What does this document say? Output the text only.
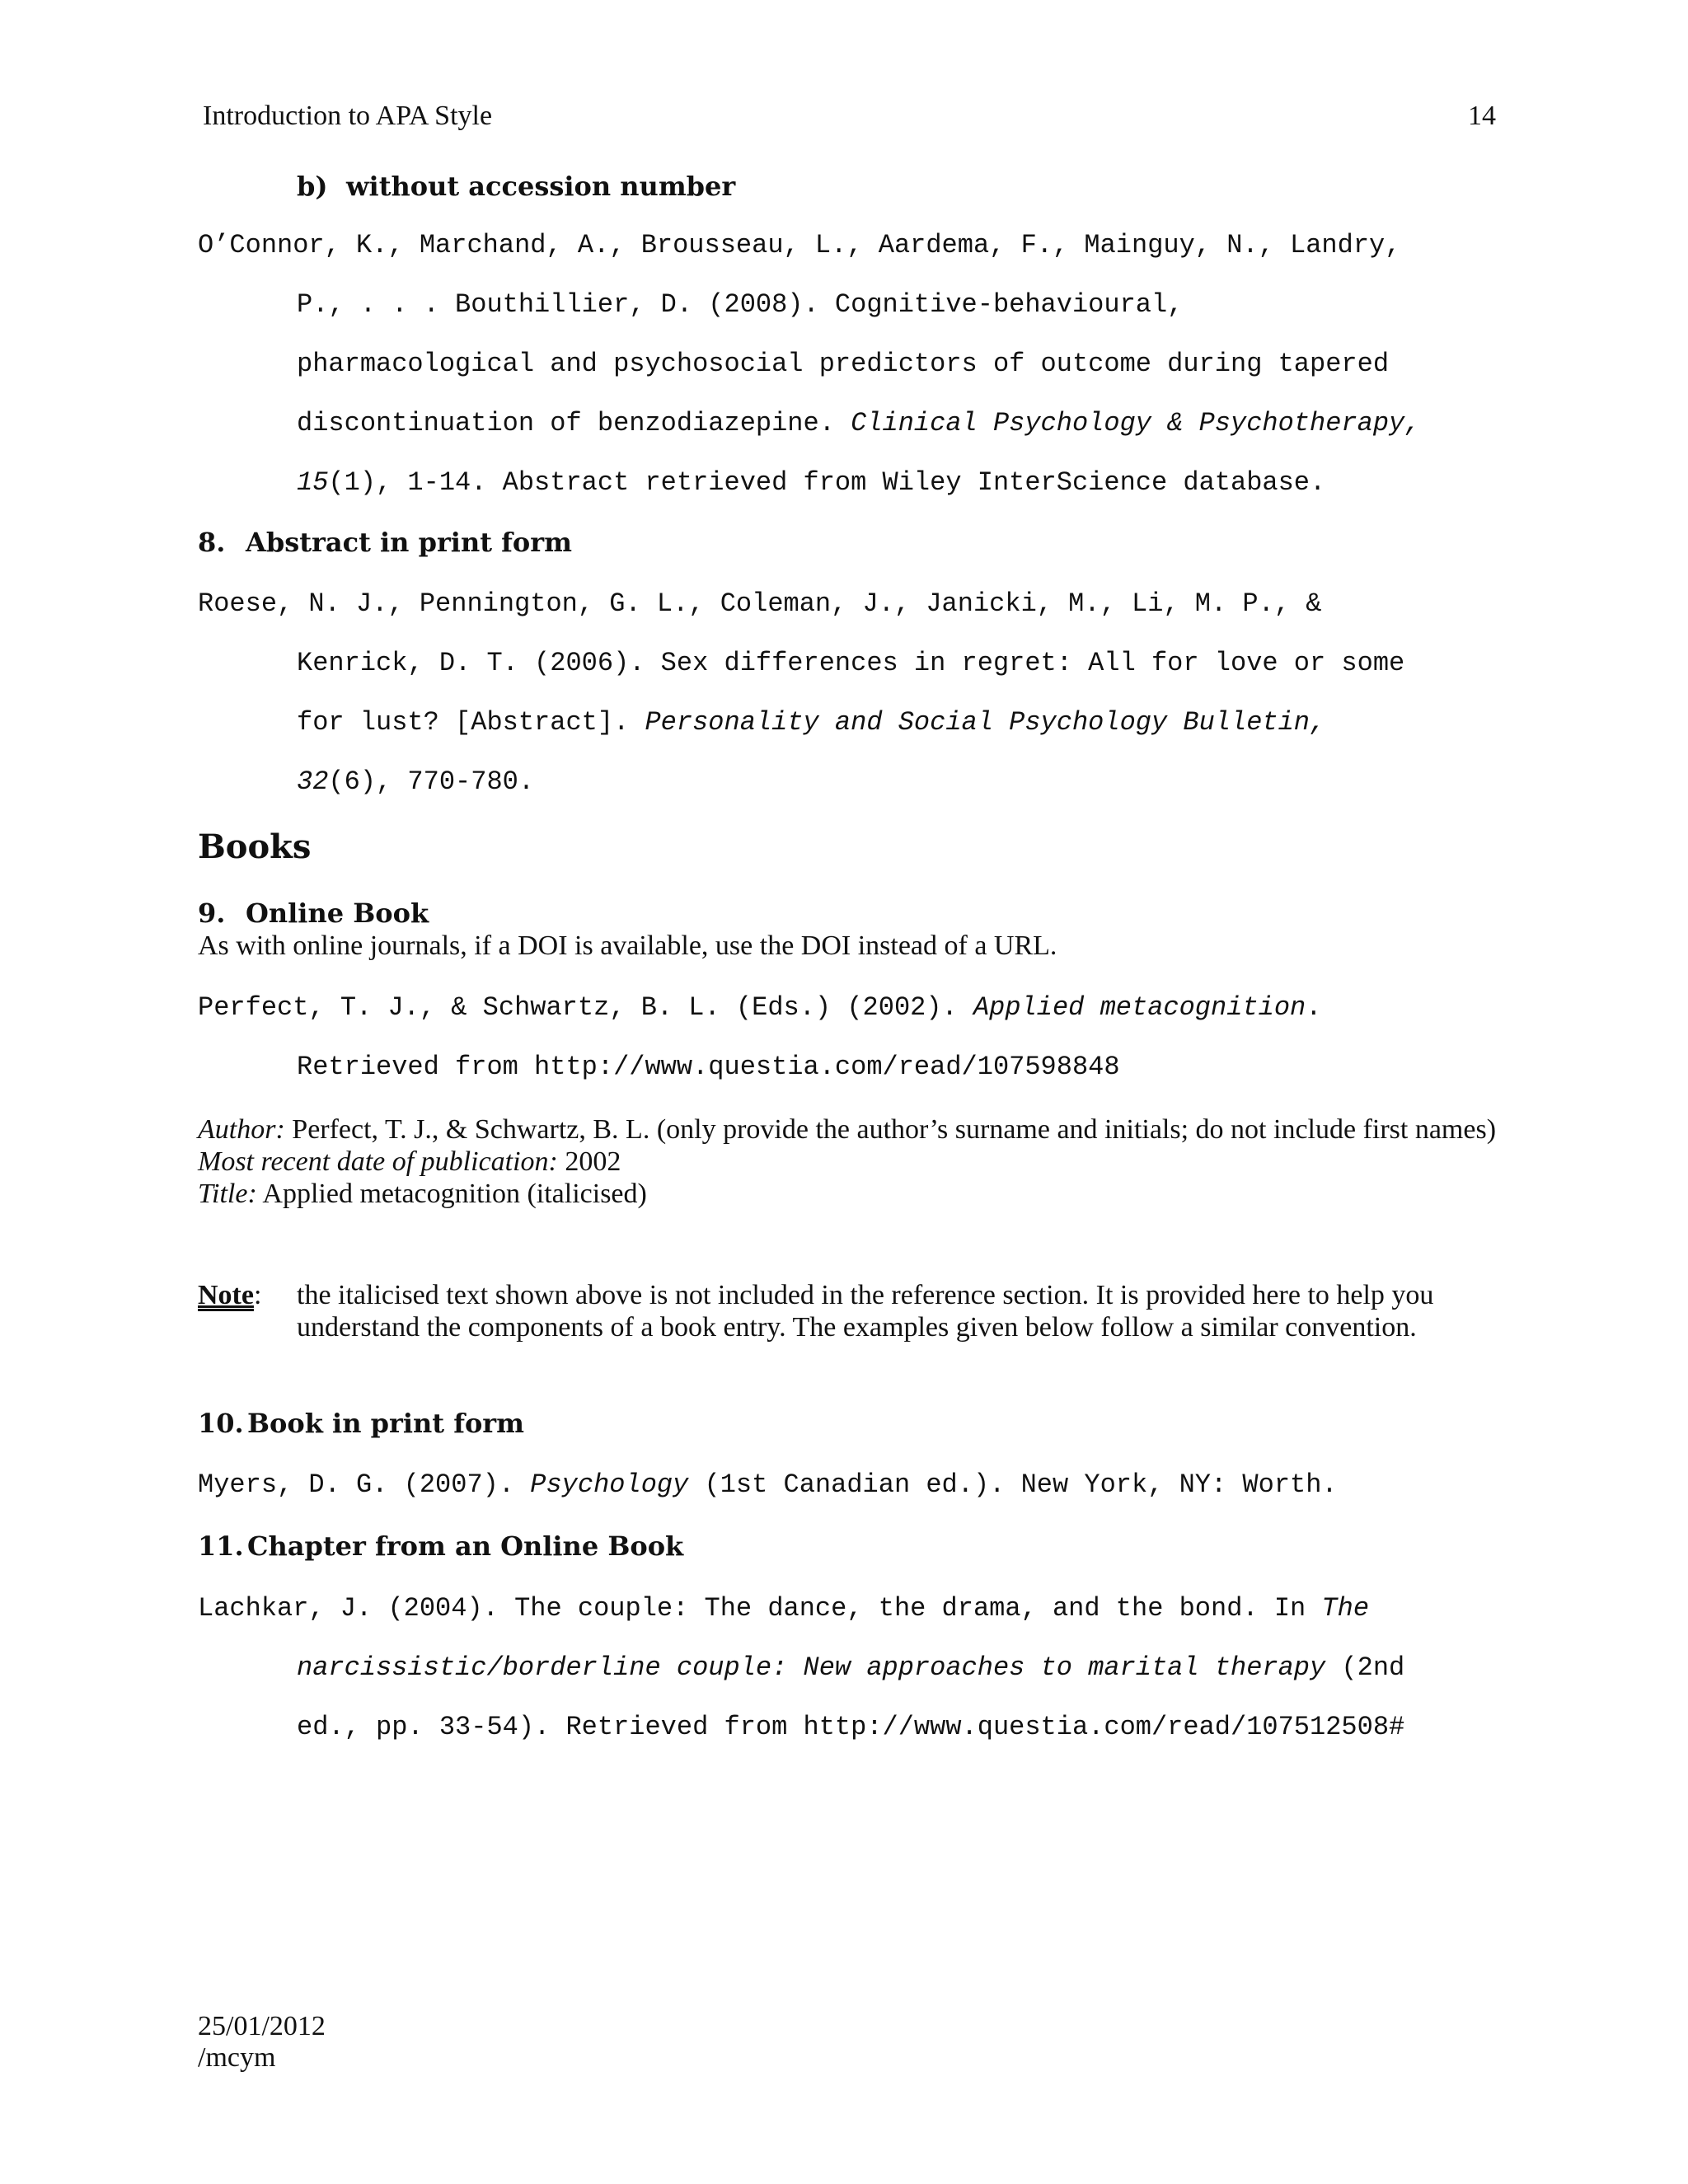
Introduction to APA Style	14
b) without accession number
O’Connor, K., Marchand, A., Brousseau, L., Aardema, F., Mainguy, N., Landry,
P., . . . Bouthillier, D. (2008). Cognitive-behavioural,
pharmacological and psychosocial predictors of outcome during tapered
discontinuation of benzodiazepine. Clinical Psychology & Psychotherapy,
15(1), 1-14. Abstract retrieved from Wiley InterScience database.
8. Abstract in print form
Roese, N. J., Pennington, G. L., Coleman, J., Janicki, M., Li, M. P., &
Kenrick, D. T. (2006). Sex differences in regret: All for love or some
for lust? [Abstract]. Personality and Social Psychology Bulletin,
32(6), 770-780.
Books
9. Online Book
As with online journals, if a DOI is available, use the DOI instead of a URL.
Perfect, T. J., & Schwartz, B. L. (Eds.) (2002). Applied metacognition.
Retrieved from http://www.questia.com/read/107598848
Author: Perfect, T. J., & Schwartz, B. L. (only provide the author’s surname and initials; do not include first names)
Most recent date of publication: 2002
Title: Applied metacognition (italicised)
Note: the italicised text shown above is not included in the reference section. It is provided here to help you understand the components of a book entry. The examples given below follow a similar convention.
10. Book in print form
Myers, D. G. (2007). Psychology (1st Canadian ed.). New York, NY: Worth.
11. Chapter from an Online Book
Lachkar, J. (2004). The couple: The dance, the drama, and the bond. In The
narcissistic/borderline couple: New approaches to marital therapy (2nd
ed., pp. 33-54). Retrieved from http://www.questia.com/read/107512508#
25/01/2012
/mcym
